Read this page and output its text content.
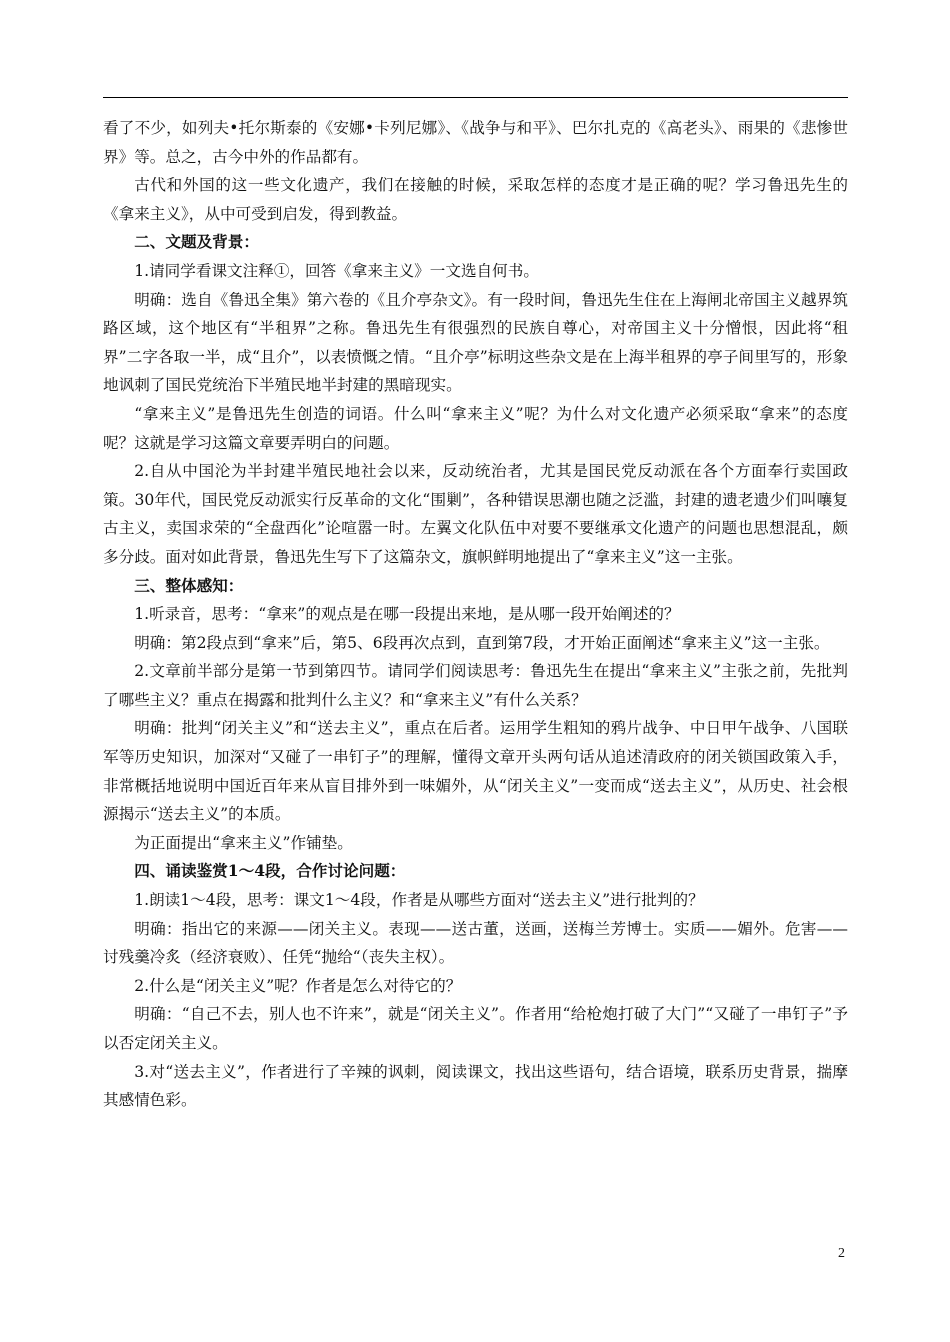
看了不少，如列夫•托尔斯泰的《安娜•卡列尼娜》、《战争与和平》、巴尔扎克的《高老头》、雨果的《悲惨世界》等。总之，古今中外的作品都有。

古代和外国的这一些文化遗产，我们在接触的时候，采取怎样的态度才是正确的呢？学习鲁迅先生的《拿来主义》，从中可受到启发，得到教益。

二、文题及背景：

1.请同学看课文注释①，回答《拿来主义》一文选自何书。

明确：选自《鲁迅全集》第六卷的《且介亭杂文》。有一段时间，鲁迅先生住在上海闸北帝国主义越界筑路区域，这个地区有“半租界”之称。鲁迅先生有很强烈的民族自尊心，对帝国主义十分憎恨，因此将“租界”二字各取一半，成“且介”，以表愤慨之情。“且介亭”标明这些杂文是在上海半租界的亭子间里写的，形象地讽刺了国民党统治下半殖民地半封建的黑暗现实。

“拿来主义”是鲁迅先生创造的词语。什么叫“拿来主义”呢？为什么对文化遗产必须采取“拿来”的态度呢？这就是学习这篇文章要弄明白的问题。

2.自从中国沦为半封建半殖民地社会以来，反动统治者，尤其是国民党反动派在各个方面奉行卖国政策。30年代，国民党反动派实行反革命的文化“围剿”，各种错误思潮也随之泛滥，封建的遗老遗少们叫嚷复古主义，卖国求荣的“全盘西化”论喧嚣一时。左翼文化队伍中对要不要继承文化遗产的问题也思想混乱，颇多分歧。面对如此背景，鲁迅先生写下了这篇杂文，旗帜鲜明地提出了“拿来主义”这一主张。

三、整体感知：

1.听录音，思考：“拿来”的观点是在哪一段提出来地，是从哪一段开始阐述的？

明确：第2段点到“拿来”后，第5、6段再次点到，直到第7段，才开始正面阐述“拿来主义”这一主张。

2.文章前半部分是第一节到第四节。请同学们阅读思考：鲁迅先生在提出“拿来主义”主张之前，先批判了哪些主义？重点在揭露和批判什么主义？和“拿来主义”有什么关系？

明确：批判“闭关主义”和“送去主义”，重点在后者。运用学生粗知的鸦片战争、中日甲午战争、八国联军等历史知识，加深对“又碰了一串钉子”的理解，懂得文章开头两句话从追述清政府的闭关锁国政策入手，非常概括地说明中国近百年来从盲目排外到一味媚外，从“闭关主义”一变而成“送去主义”，从历史、社会根源揭示“送去主义”的本质。

为正面提出“拿来主义”作铺垫。

四、诵读鉴赏1～4段，合作讨论问题：

1.朗读1～4段，思考：课文1～4段，作者是从哪些方面对“送去主义”进行批判的？

明确：指出它的来源——闭关主义。表现——送古董，送画，送梅兰芳博士。实质——媚外。危害——讨残羹冷炙（经济衰败）、任凭“抛给“（丧失主权）。

2.什么是“闭关主义”呢？作者是怎么对待它的？

明确：“自己不去，别人也不许来”，就是“闭关主义”。作者用“给枪炮打破了大门”“又碰了一串钉子”予以否定闭关主义。

3.对“送去主义”，作者进行了辛辣的讽刺，阅读课文，找出这些语句，结合语境，联系历史背景，揣摩其感情色彩。

2
